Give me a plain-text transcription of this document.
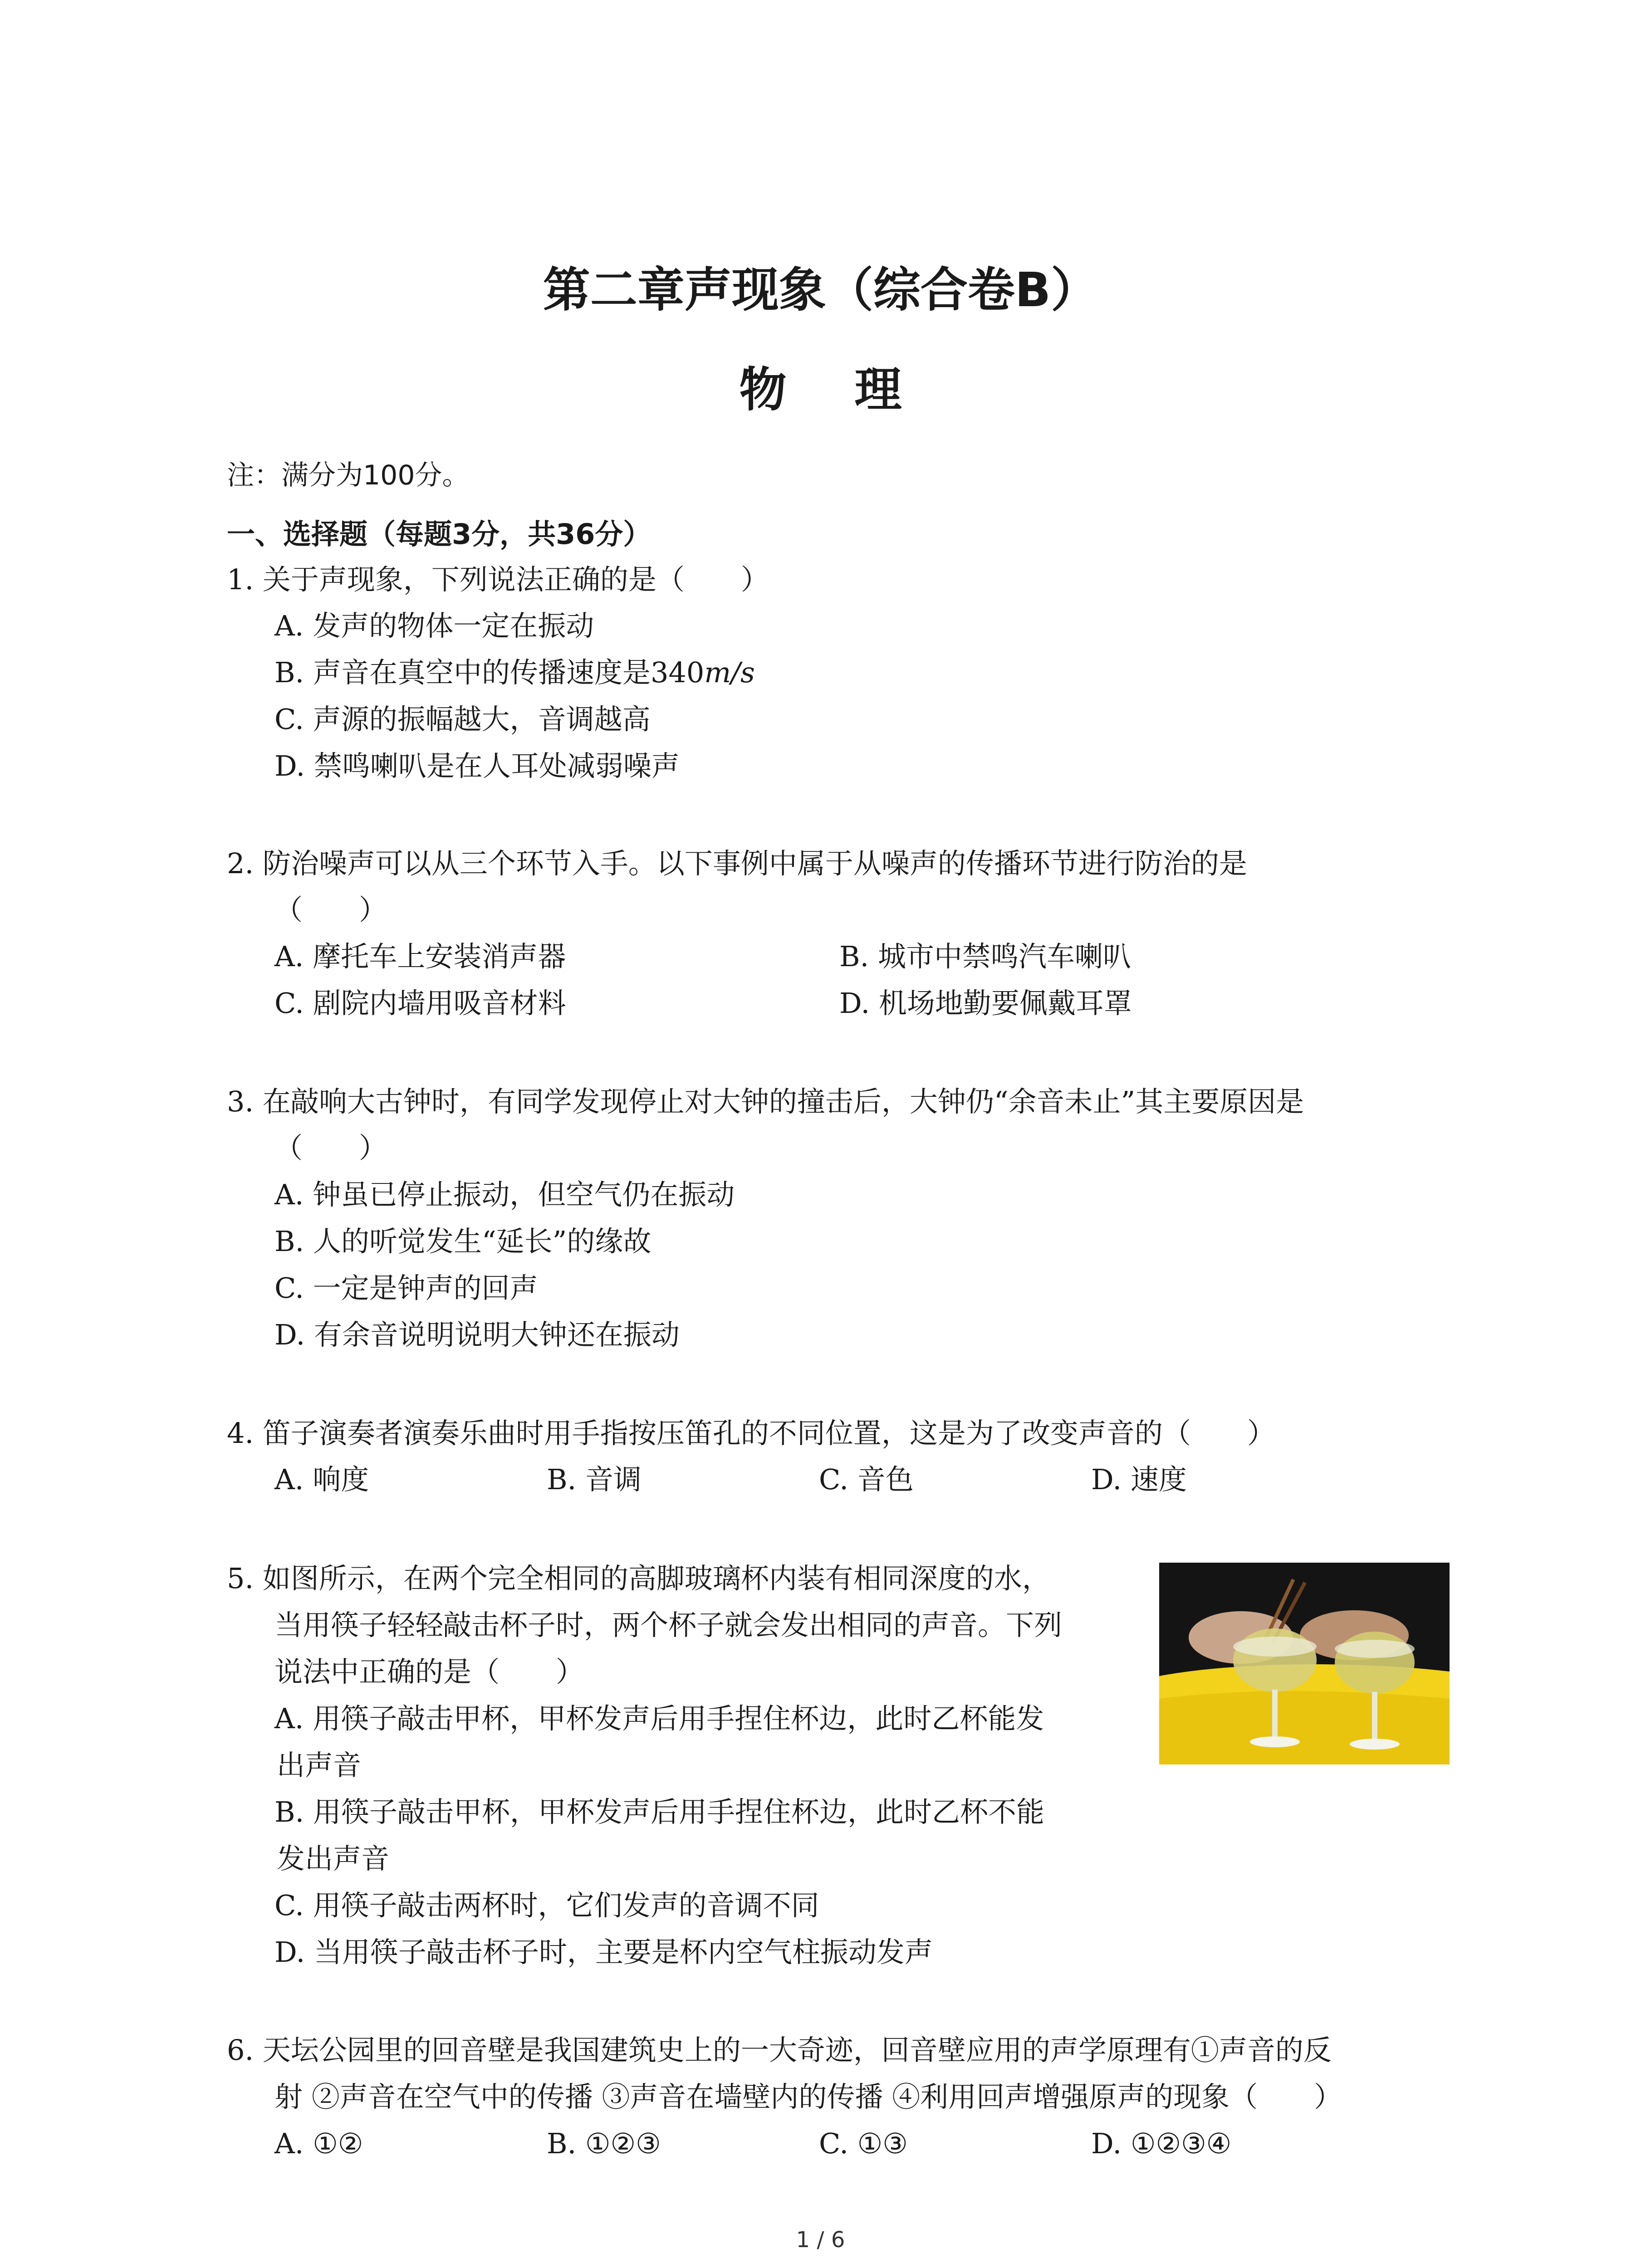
第二章声现象（综合卷B）
物理
注：满分为100分。
一、选择题（每题3分，共36分）
1. 关于声现象，下列说法正确的是（　　）
A. 发声的物体一定在振动
B. 声音在真空中的传播速度是340m/s
C. 声源的振幅越大，音调越高
D. 禁鸣喇叭是在人耳处减弱噪声
2. 防治噪声可以从三个环节入手。以下事例中属于从噪声的传播环节进行防治的是
（　　）
A. 摩托车上安装消声器	B. 城市中禁鸣汽车喇叭
C. 剧院内墙用吸音材料	D. 机场地勤要佩戴耳罩
3. 在敲响大古钟时，有同学发现停止对大钟的撞击后，大钟仍“余音未止”其主要原因是
（　　）
A. 钟虽已停止振动，但空气仍在振动
B. 人的听觉发生“延长”的缘故
C. 一定是钟声的回声
D. 有余音说明说明大钟还在振动
4. 笛子演奏者演奏乐曲时用手指按压笛孔的不同位置，这是为了改变声音的（　　）
A. 响度	B. 音调	C. 音色	D. 速度
5. 如图所示，在两个完全相同的高脚玻璃杯内装有相同深度的水，
当用筷子轻轻敲击杯子时，两个杯子就会发出相同的声音。下列
说法中正确的是（　　）
A. 用筷子敲击甲杯，甲杯发声后用手捏住杯边，此时乙杯能发
出声音
B. 用筷子敲击甲杯，甲杯发声后用手捏住杯边，此时乙杯不能
发出声音
C. 用筷子敲击两杯时，它们发声的音调不同
D. 当用筷子敲击杯子时，主要是杯内空气柱振动发声
6. 天坛公园里的回音壁是我国建筑史上的一大奇迹，回音壁应用的声学原理有①声音的反
射 ②声音在空气中的传播 ③声音在墙壁内的传播 ④利用回声增强原声的现象（　　）
A. ①②	B. ①②③	C. ①③	D. ①②③④
1 / 6
